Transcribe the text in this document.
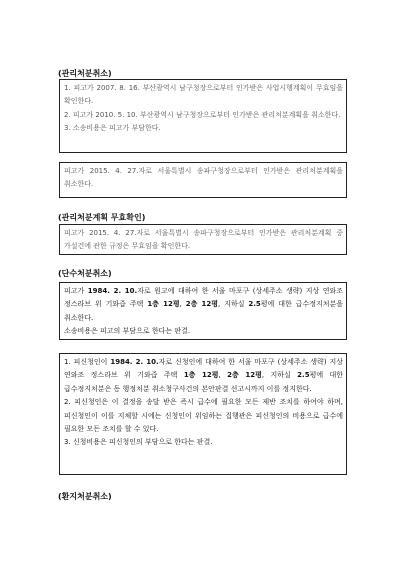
(관리처분취소)
1. 피고가 2007. 8. 16. 부산광역시 남구청장으로부터 인가받은 사업시행계획이 무효임을 확인한다.
2. 피고가 2010. 5. 10. 부산광역시 남구청장으로부터 인가받은 관리처분계획을 취소한다.
3. 소송비용은 피고가 부담한다.
피고가 2015. 4. 27.자로 서울특별시 송파구청장으로부터 인가받은 관리처분계획을 취소한다.
(관리처분계획 무효확인)
피고가 2015. 4. 27.자로 서울특별시 송파구청장으로부터 인가받은 관리처분계획 중 가설건에 관한 규정은 무효임을 확인한다.
(단수처분취소)
피고가 1984. 2. 10.자로 원고에 대하여 한 서울 마포구 (상세주소 생략) 지상 연와조 정스라브 위 기와즙 주택 1층 12평, 2층 12평, 지하실 2.5평에 대한 급수정지처분을 취소한다.
소송비용은 피고의 부담으로 한다는 판결.
1. 피신청인이 1984. 2. 10.자로 신청인에 대하여 한 서울 마포구 (상세주소 생략) 지상 연와조 정스라브 위 기와즙 주택 1층 12평, 2층 12평, 지하실 2.5평에 대한 급수정지처분은 동 행정처분 취소청구사건의 본안판결 선고시까지 이를 정지한다.
2. 피신청인은 이 결정을 송달 받은 즉시 급수에 필요한 모든 제반 조치를 하여야 하며, 피신청인이 이를 지체할 시에는 신청인이 위임하는 집행관은 피신청인의 비용으로 급수에 필요한 모든 조치를 할 수 있다.
3. 신청비용은 피신청인의 부담으로 한다는 판결.
(환지처분취소)
